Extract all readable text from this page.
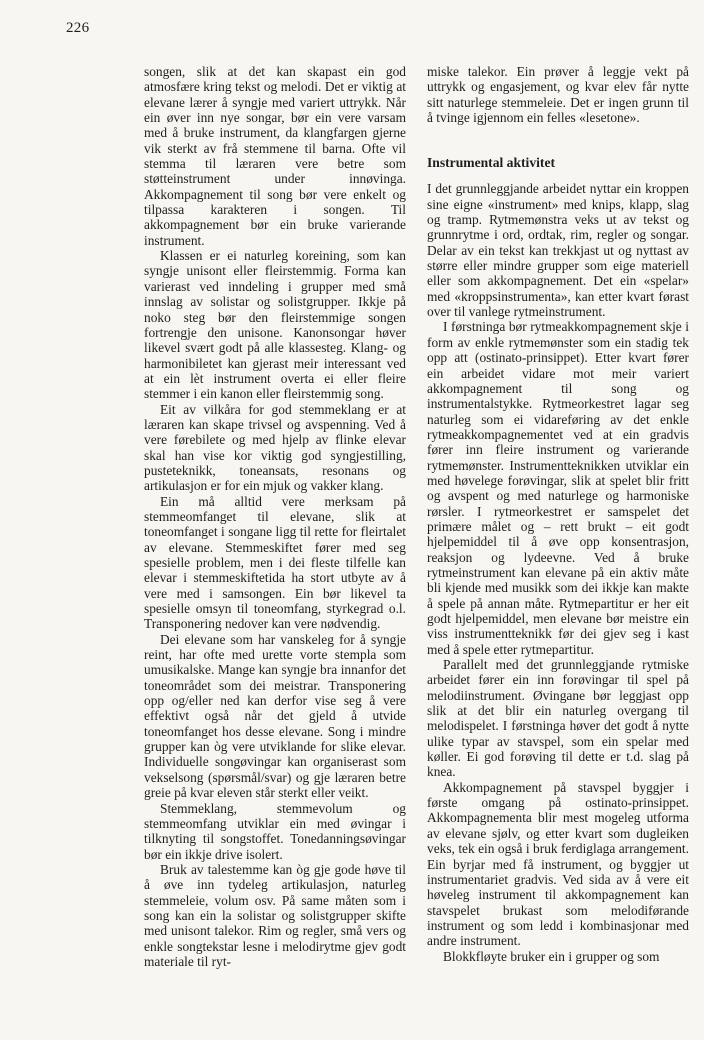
226

songen, slik at det kan skapast ein god atmosfære kring tekst og melodi. Det er viktig at elevane lærer å syngje med variert uttrykk. Når ein øver inn nye songar, bør ein vere varsam med å bruke instrument, da klangfargen gjerne vik sterkt av frå stemmene til barna. Ofte vil stemma til læraren vere betre som støtteinstrument under innøvinga. Akkompagnement til song bør vere enkelt og tilpassa karakteren i songen. Til akkompagnement bør ein bruke varierande instrument.

Klassen er ei naturleg koreining, som kan syngje unisont eller fleirstemmig. Forma kan varierast ved inndeling i grupper med små innslag av solistar og solistgrupper. Ikkje på noko steg bør den fleirstemmige songen fortrengje den unisone. Kanonsongar høver likevel svært godt på alle klassesteg. Klang- og harmonibiletet kan gjerast meir interessant ved at ein lèt instrument overta ei eller fleire stemmer i ein kanon eller fleirstemmig song.

Eit av vilkåra for god stemmeklang er at læraren kan skape trivsel og avspenning. Ved å vere førebilete og med hjelp av flinke elevar skal han vise kor viktig god syngjestilling, pusteteknikk, toneansats, resonans og artikulasjon er for ein mjuk og vakker klang.

Ein må alltid vere merksam på stemmeomfanget til elevane, slik at toneomfanget i songane ligg til rette for fleirtalet av elevane. Stemmeskiftet fører med seg spesielle problem, men i dei fleste tilfelle kan elevar i stemmeskiftetida ha stort utbyte av å vere med i samsongen. Ein bør likevel ta spesielle omsyn til toneomfang, styrkegrad o.l. Transponering nedover kan vere nødvendig.

Dei elevane som har vanskeleg for å syngje reint, har ofte med urette vorte stempla som umusikalske. Mange kan syngje bra innanfor det toneområdet som dei meistrar. Transponering opp og/eller ned kan derfor vise seg å vere effektivt også når det gjeld å utvide toneomfanget hos desse elevane. Song i mindre grupper kan òg vere utviklande for slike elevar. Individuelle songøvingar kan organiserast som vekselsong (spørsmål/svar) og gje læraren betre greie på kvar eleven står sterkt eller veikt.

Stemmeklang, stemmevolum og stemmeomfang utviklar ein med øvingar i tilknyting til songstoffet. Tonedanningsøvingar bør ein ikkje drive isolert.

Bruk av talestemme kan òg gje gode høve til å øve inn tydeleg artikulasjon, naturleg stemmeleie, volum osv. På same måten som i song kan ein la solistar og solistgrupper skifte med unisont talekor. Rim og regler, små vers og enkle songtekstar lesne i melodirytme gjev godt materiale til ryt-

miske talekor. Ein prøver å leggje vekt på uttrykk og engasjement, og kvar elev får nytte sitt naturlege stemmeleie. Det er ingen grunn til å tvinge igjennom ein felles «lesetone».

Instrumental aktivitet

I det grunnleggjande arbeidet nyttar ein kroppen sine eigne «instrument» med knips, klapp, slag og tramp. Rytmemønstra veks ut av tekst og grunnrytme i ord, ordtak, rim, regler og songar. Delar av ein tekst kan trekkjast ut og nyttast av større eller mindre grupper som eige materiell eller som akkompagnement. Det ein «spelar» med «kroppsinstrumenta», kan etter kvart førast over til vanlege rytmeinstrument.

I førstninga bør rytmeakkompagnement skje i form av enkle rytmemønster som ein stadig tek opp att (ostinato-prinsippet). Etter kvart fører ein arbeidet vidare mot meir variert akkompagnement til song og instrumentalstykke. Rytmeorkestret lagar seg naturleg som ei vidareføring av det enkle rytmeakkompagnementet ved at ein gradvis fører inn fleire instrument og varierande rytmemønster. Instrumentteknikken utviklar ein med høvelege forøvingar, slik at spelet blir fritt og avspent og med naturlege og harmoniske rørsler. I rytmeorkestret er samspelet det primære målet og – rett brukt – eit godt hjelpemiddel til å øve opp konsentrasjon, reaksjon og lydeevne. Ved å bruke rytmeinstrument kan elevane på ein aktiv måte bli kjende med musikk som dei ikkje kan makte å spele på annan måte. Rytmepartitur er her eit godt hjelpemiddel, men elevane bør meistre ein viss instrumentteknikk før dei gjev seg i kast med å spele etter rytmepartitur.

Parallelt med det grunnleggjande rytmiske arbeidet fører ein inn forøvingar til spel på melodiinstrument. Øvingane bør leggjast opp slik at det blir ein naturleg overgang til melodispelet. I førstninga høver det godt å nytte ulike typar av stavspel, som ein spelar med køller. Ei god forøving til dette er t.d. slag på knea.

Akkompagnement på stavspel byggjer i første omgang på ostinato-prinsippet. Akkompagnementa blir mest mogeleg utforma av elevane sjølv, og etter kvart som dugleiken veks, tek ein også i bruk ferdiglaga arrangement. Ein byrjar med få instrument, og byggjer ut instrumentariet gradvis. Ved sida av å vere eit høveleg instrument til akkompagnement kan stavspelet brukast som melodiførande instrument og som ledd i kombinasjonar med andre instrument.

Blokkfløyte bruker ein i grupper og som
